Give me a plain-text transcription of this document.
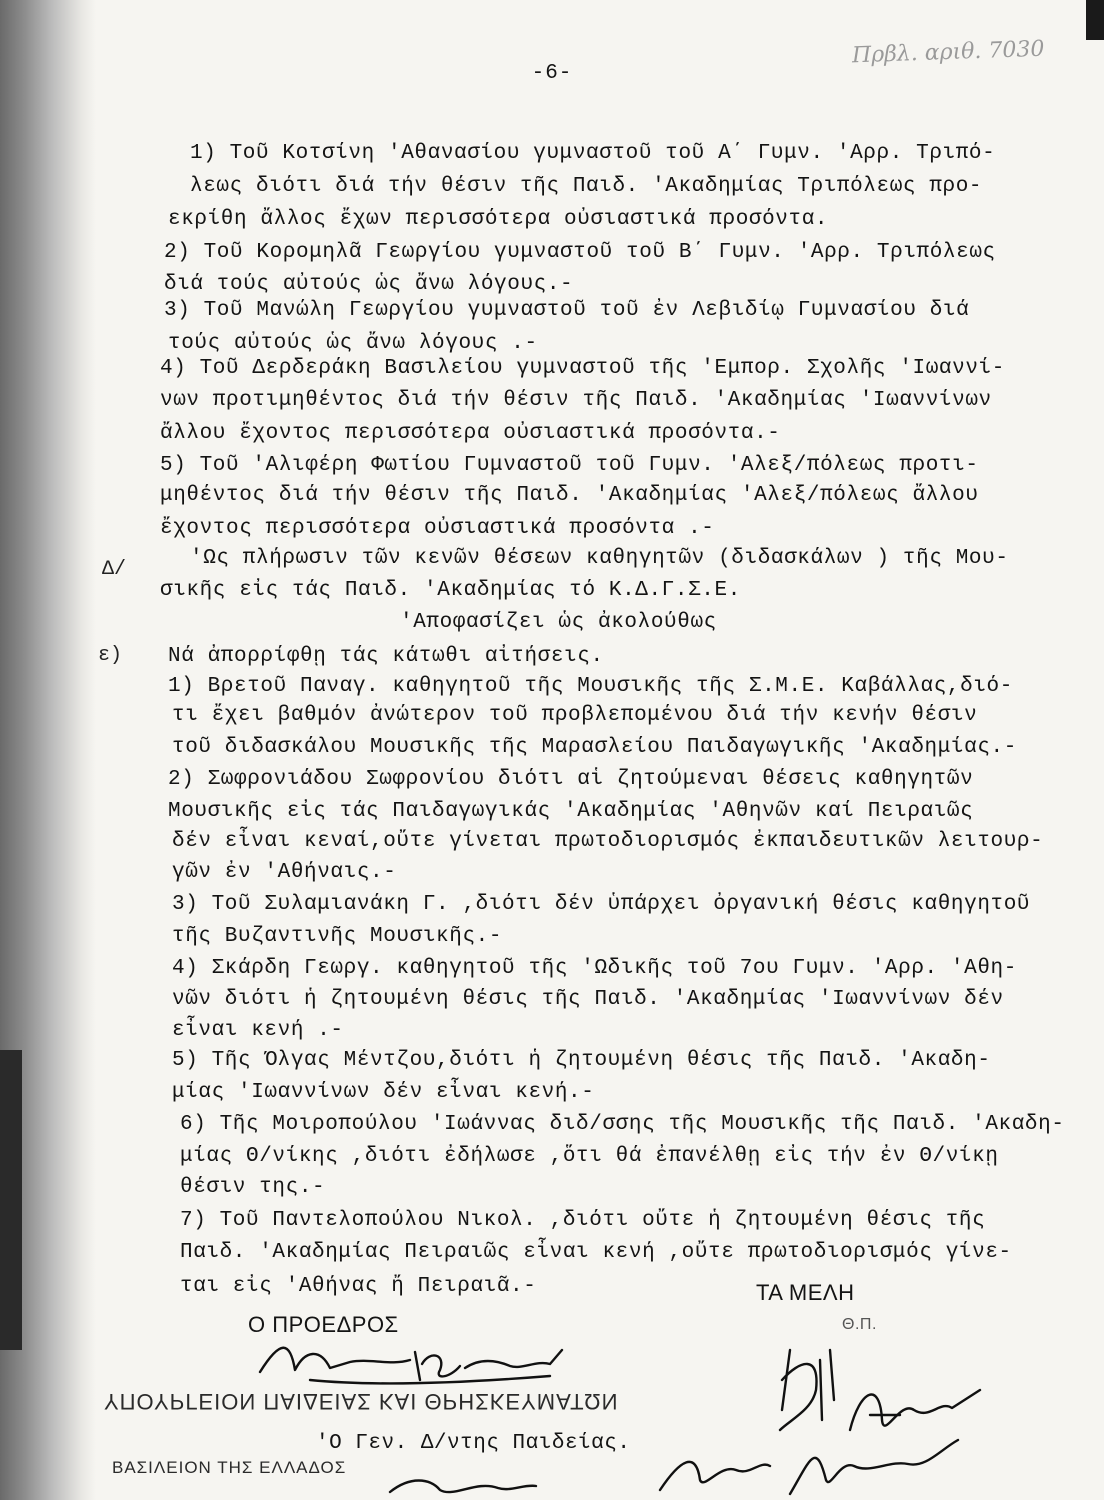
-6-
Πρβλ. αριθ. 7030
1) Τοῦ Κοτσίνη 'Αθανασίου γυμναστοῦ τοῦ Α΄ Γυμν. 'Αρρ. Τριπό-
λεως διότι διά τήν θέσιν τῆς Παιδ. 'Ακαδημίας Τριπόλεως προ-
εκρίθη ἄλλος ἔχων περισσότερα οὐσιαστικά προσόντα.
2) Τοῦ Κορομηλᾶ Γεωργίου γυμναστοῦ τοῦ Β΄ Γυμν. 'Αρρ. Τριπόλεως
διά τούς αὐτούς ὡς ἄνω λόγους.-
3) Τοῦ Μανώλη Γεωργίου γυμναστοῦ τοῦ ἐν Λεβιδίῳ Γυμνασίου διά
τούς αὐτούς ὡς ἄνω λόγους .-
4) Τοῦ Δερδεράκη Βασιλείου γυμναστοῦ τῆς 'Εμπορ. Σχολῆς 'Ιωαννί-
νων προτιμηθέντος διά τήν θέσιν τῆς Παιδ. 'Ακαδημίας 'Ιωαννίνων
ἄλλου ἔχοντος περισσότερα οὐσιαστικά προσόντα.-
5) Τοῦ 'Αλιφέρη Φωτίου Γυμναστοῦ τοῦ Γυμν. 'Αλεξ/πόλεως προτι-
μηθέντος διά τήν θέσιν τῆς Παιδ. 'Ακαδημίας 'Αλεξ/πόλεως ἄλλου
ἔχοντος περισσότερα οὐσιαστικά προσόντα .-
'Ως πλήρωσιν τῶν κενῶν θέσεων καθηγητῶν (διδασκάλων ) τῆς Μου-
σικῆς εἰς τάς Παιδ. 'Ακαδημίας τό Κ.Δ.Γ.Σ.Ε.
'Αποφασίζει ὡς ἀκολούθως
Νά ἀπορρίφθῃ τάς κάτωθι αἰτήσεις.
1) Βρετοῦ Παναγ. καθηγητοῦ τῆς Μουσικῆς τῆς Σ.Μ.Ε. Καβάλλας,διό-
τι ἔχει βαθμόν ἀνώτερον τοῦ προβλεπομένου διά τήν κενήν θέσιν
τοῦ διδασκάλου Μουσικῆς τῆς Μαρασλείου Παιδαγωγικῆς 'Ακαδημίας.-
2) Σωφρονιάδου Σωφρονίου διότι αἱ ζητούμεναι θέσεις καθηγητῶν
Μουσικῆς εἰς τάς Παιδαγωγικάς 'Ακαδημίας 'Αθηνῶν καί Πειραιῶς
δέν εἶναι κεναί,οὔτε γίνεται πρωτοδιορισμός ἐκπαιδευτικῶν λειτουρ-
γῶν ἐν 'Αθήναις.-
3) Τοῦ Συλαμιανάκη Γ. ,διότι δέν ὑπάρχει ὀργανική θέσις καθηγητοῦ
τῆς Βυζαντινῆς Μουσικῆς.-
4) Σκάρδη Γεωργ. καθηγητοῦ τῆς 'Ωδικῆς τοῦ 7ου Γυμν. 'Αρρ. 'Αθη-
νῶν διότι ἡ ζητουμένη θέσις τῆς Παιδ. 'Ακαδημίας 'Ιωαννίνων δέν
εἶναι κενή .-
5) Τῆς Όλγας Μέντζου,διότι ἡ ζητουμένη θέσις τῆς Παιδ. 'Ακαδη-
μίας 'Ιωαννίνων δέν εἶναι κενή.-
6) Τῆς Μοιροπούλου 'Ιωάννας διδ/σσης τῆς Μουσικῆς τῆς Παιδ. 'Ακαδη-
μίας Θ/νίκης ,διότι ἐδήλωσε ,ὅτι θά ἐπανέλθῃ εἰς τήν ἐν Θ/νίκῃ
θέσιν της.-
7) Τοῦ Παντελοπούλου Νικολ. ,διότι οὔτε ἡ ζητουμένη θέσις τῆς
Παιδ. 'Ακαδημίας Πειραιῶς εἶναι κενή ,οὔτε πρωτοδιορισμός γίνε-
ται εἰς 'Αθήνας ἤ Πειραιᾶ.-
Δ/
ε)
Ο ΠΡΟΕΔΡΟΣ
ΤΑ ΜΕΛΗ
Θ.Π.
'Ο Γεν. Δ/ντης Παιδείας.
ΥΠΟΥΡΓΕΙΟΝ ΠΑΙΔΕΙΑΣ ΚΑΙ ΘΡΗΣΚΕΥΜΑΤΩΝ
ΒΑΣΙΛΕΙΟΝ ΤΗΣ ΕΛΛΑΔΟΣ
